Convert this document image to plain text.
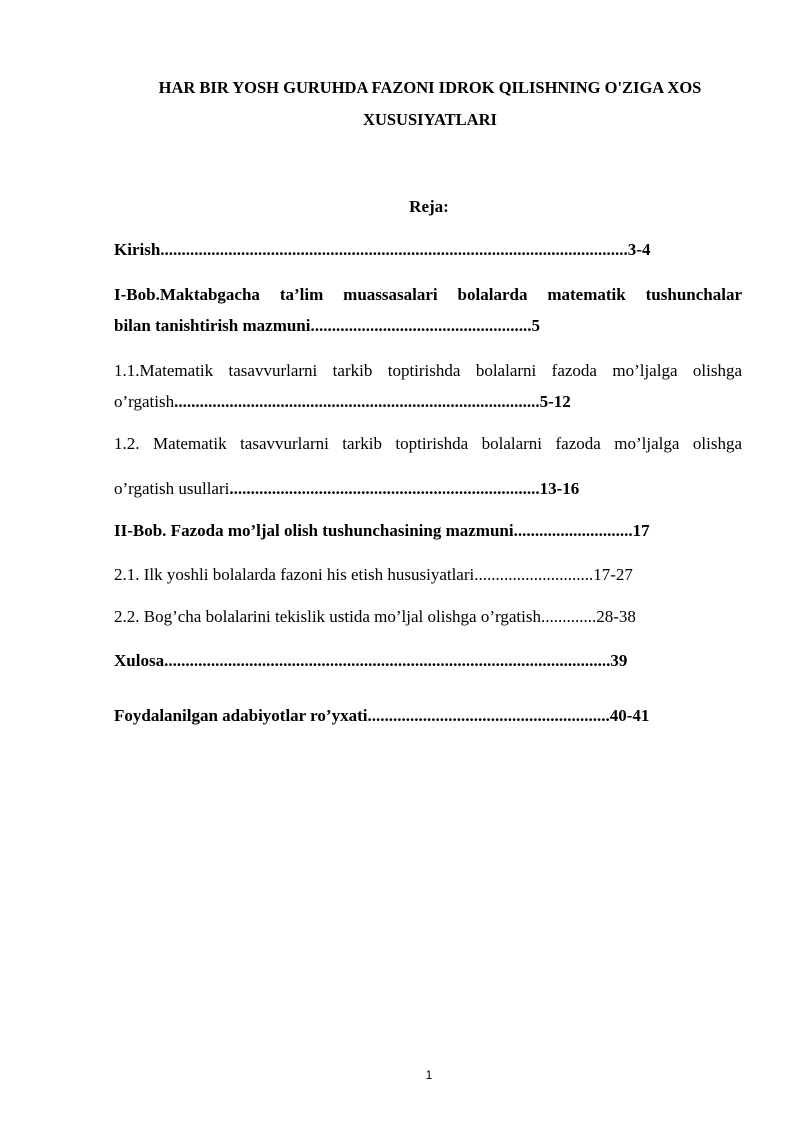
HAR BIR YOSH GURUHDA FAZONI IDROK QILISHNING O'ZIGA XOS
XUSUSIYATLARI
Reja:
Kirish..............................................................................................................3-4
I-Bob.Maktabgacha ta’lim muassasalari bolalarda matematik tushunchalar
bilan tanishtirish mazmuni....................................................5
1.1.Matematik tasavvurlarni tarkib toptirishda bolalarni fazoda mo’ljalga olishga
o’rgatish......................................................................................5-12
1.2. Matematik tasavvurlarni tarkib toptirishda bolalarni fazoda mo’ljalga olishga
o’rgatish usullari.........................................................................13-16
II-Bob. Fazoda mo’ljal olish tushunchasining mazmuni............................17
2.1. Ilk yoshli bolalarda fazoni his etish hususiyatlari............................17-27
2.2. Bog’cha bolalarini tekislik ustida mo’ljal olishga o’rgatish.............28-38
Xulosa.........................................................................................................39
Foydalanilgan adabiyotlar ro’yxati.........................................................40-41
1
